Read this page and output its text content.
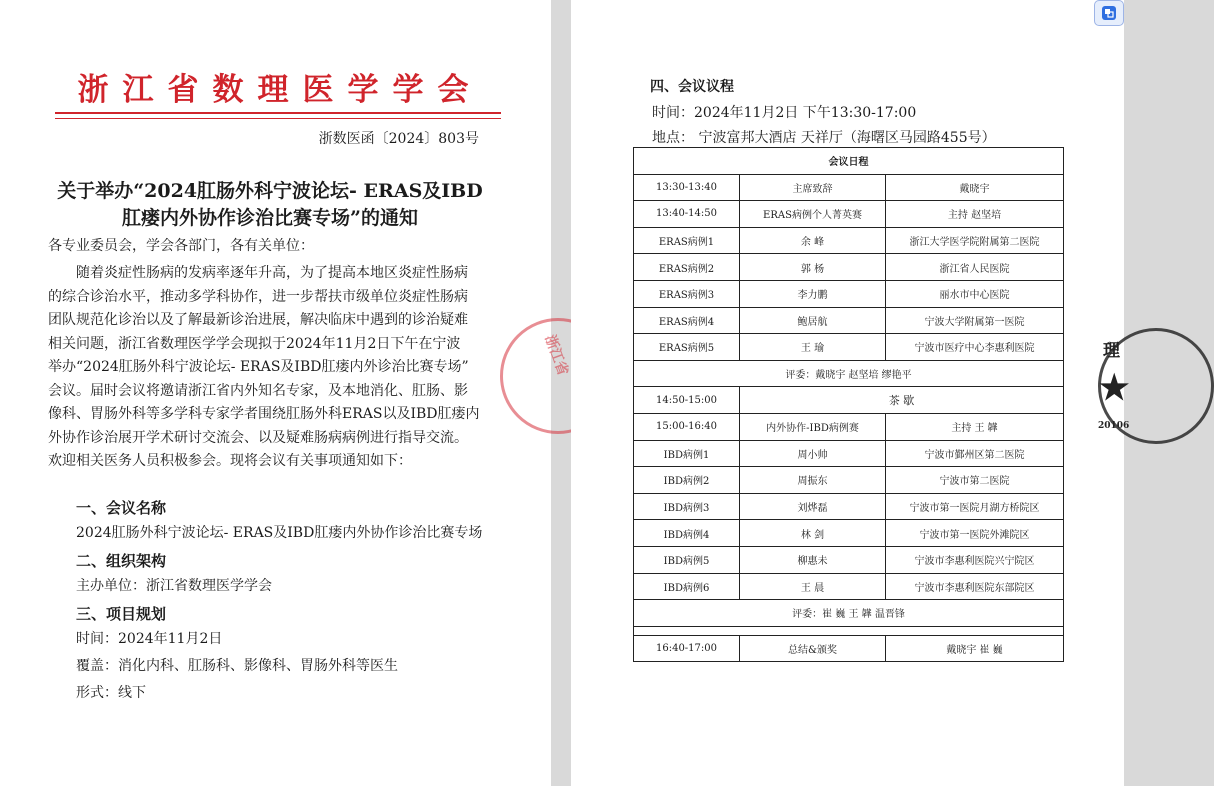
浙江省数理医学学会
浙数医函〔2024〕803号
关于举办“2024肛肠外科宁波论坛- ERAS及IBD
肛瘘内外协作诊治比赛专场”的通知
各专业委员会，学会各部门，各有关单位：
随着炎症性肠病的发病率逐年升高，为了提高本地区炎症性肠病
的综合诊治水平，推动多学科协作，进一步帮扶市级单位炎症性肠病
团队规范化诊治以及了解最新诊治进展，解决临床中遇到的诊治疑难
相关问题，浙江省数理医学学会现拟于2024年11月2日下午在宁波
举办“2024肛肠外科宁波论坛- ERAS及IBD肛瘘内外诊治比赛专场”
会议。届时会议将邀请浙江省内外知名专家，及本地消化、肛肠、影
像科、胃肠外科等多学科专家学者围绕肛肠外科ERAS以及IBD肛瘘内
外协作诊治展开学术研讨交流会、以及疑难肠病病例进行指导交流。
欢迎相关医务人员积极参会。现将会议有关事项通知如下：
一、会议名称
2024肛肠外科宁波论坛- ERAS及IBD肛瘘内外协作诊治比赛专场
二、组织架构
主办单位：浙江省数理医学学会
三、项目规划
时间：2024年11月2日
覆盖：消化内科、肛肠科、影像科、胃肠外科等医生
形式：线下
浙江省
四、会议议程
时间：2024年11月2日 下午13:30-17:00
地点： 宁波富邦大酒店 天祥厅（海曙区马园路455号）
会议日程		
13:30-13:40	主席致辞	戴晓宇
13:40-14:50	ERAS病例个人菁英赛	主持 赵坚培
ERAS病例1	余 峰	浙江大学医学院附属第二医院
ERAS病例2	郭 杨	浙江省人民医院
ERAS病例3	李力鹏	丽水市中心医院
ERAS病例4	鲍居航	宁波大学附属第一医院
ERAS病例5	王 瑜	宁波市医疗中心李惠利医院
评委：戴晓宇 赵坚培 缪艳平		
14:50-15:00	茶 歇	
15:00-16:40	内外协作-IBD病例赛	主持 王 韡
IBD病例1	周小帅	宁波市鄞州区第二医院
IBD病例2	周振东	宁波市第二医院
IBD病例3	刘烨磊	宁波市第一医院月湖方桥院区
IBD病例4	林 剑	宁波市第一医院外滩院区
IBD病例5	柳惠未	宁波市李惠利医院兴宁院区
IBD病例6	王 晨	宁波市李惠利医院东部院区
评委：崔 巍 王 韡 温晋锋		

16:40-17:00	总结&颁奖	戴晓宇 崔 巍
理
★
20106
